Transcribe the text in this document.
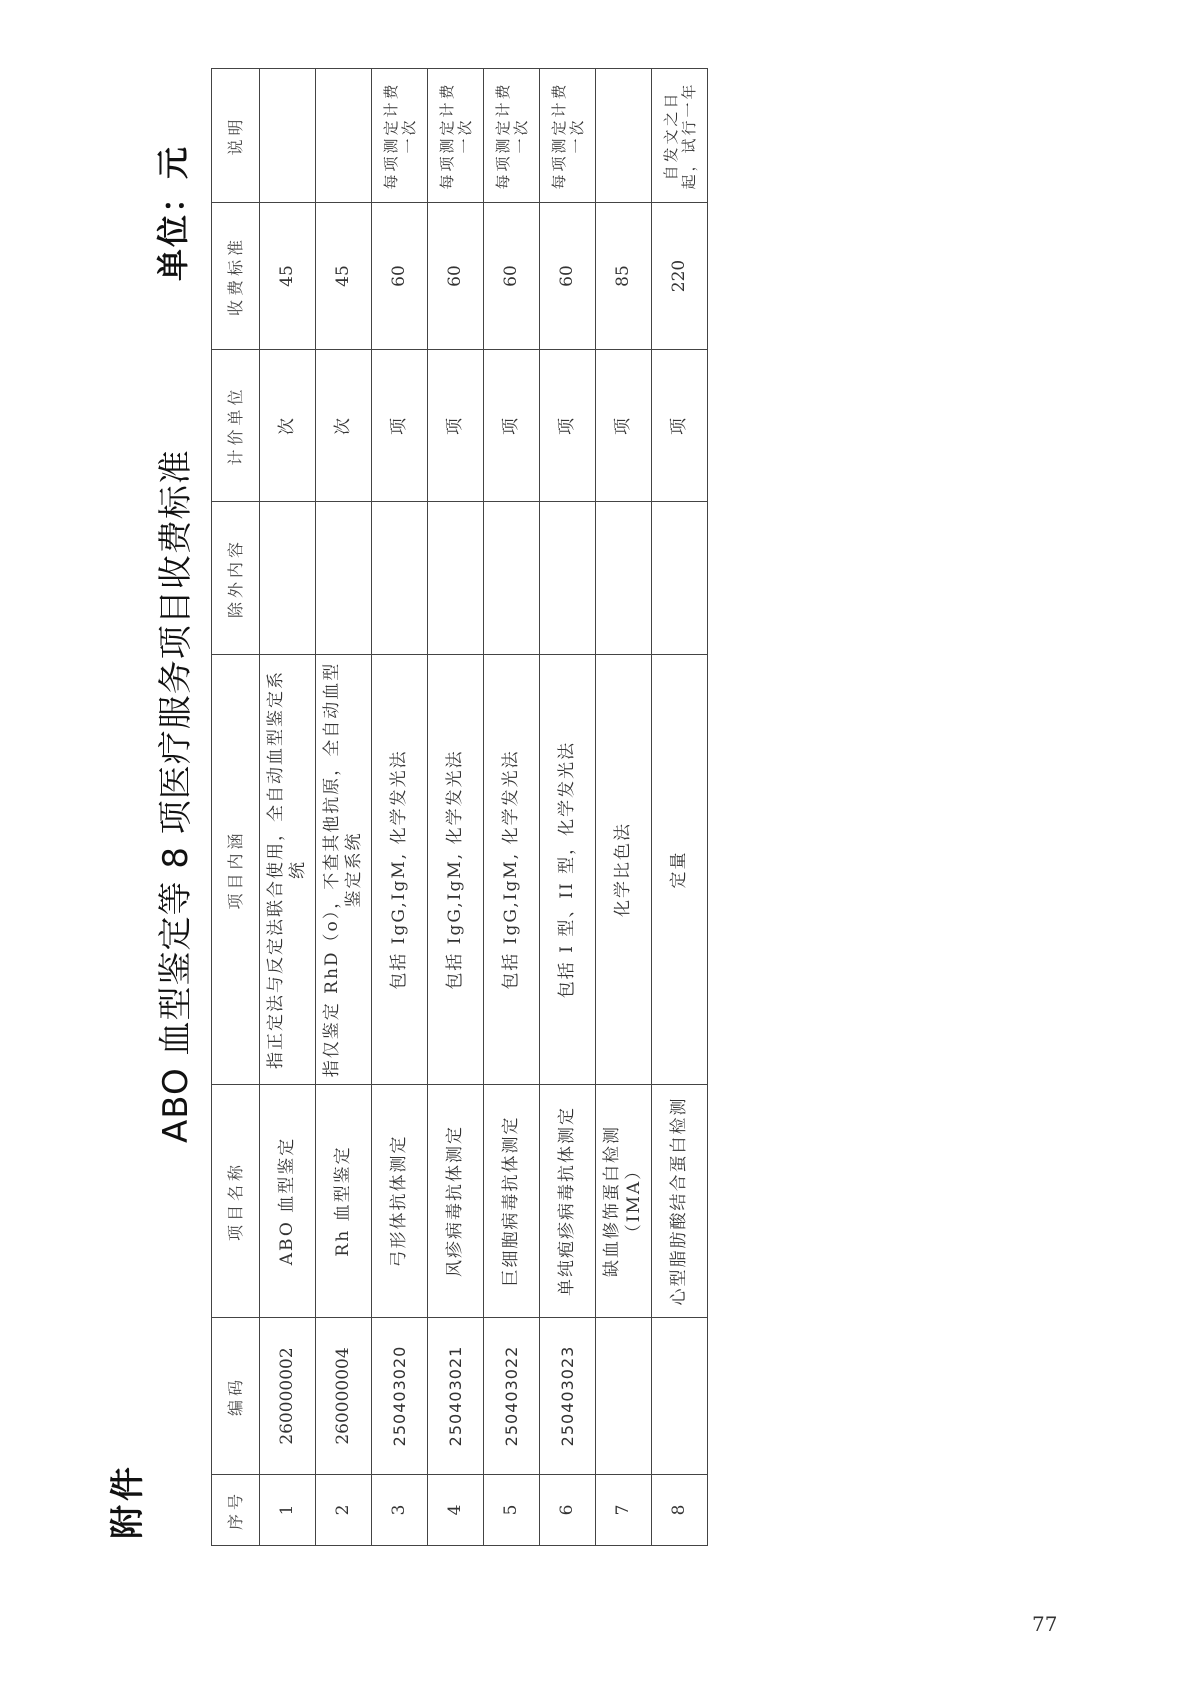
附件
ABO 血型鉴定等 8 项医疗服务项目收费标准
单位：元
序号	编码	项目名称	项目内涵	除外内容	计价单位	收费标准	说明
1	260000002	ABO 血型鉴定	指正定法与反定法联合使用，全自动血型鉴定系统		次	45	
2	260000004	Rh 血型鉴定	指仅鉴定 RhD（o），不查其他抗原，全自动血型鉴定系统		次	45	
3	250403020	弓形体抗体测定	包括 IgG,IgM, 化学发光法		项	60	每项测定计费一次
4	250403021	风疹病毒抗体测定	包括 IgG,IgM, 化学发光法		项	60	每项测定计费一次
5	250403022	巨细胞病毒抗体测定	包括 IgG,IgM, 化学发光法		项	60	每项测定计费一次
6	250403023	单纯疱疹病毒抗体测定	包括 I 型、II 型，化学发光法		项	60	每项测定计费一次
7		缺血修饰蛋白检测（IMA）	化学比色法		项	85	
8		心型脂肪酸结合蛋白检测	定量		项	220	自发文之日起，试行一年
77
